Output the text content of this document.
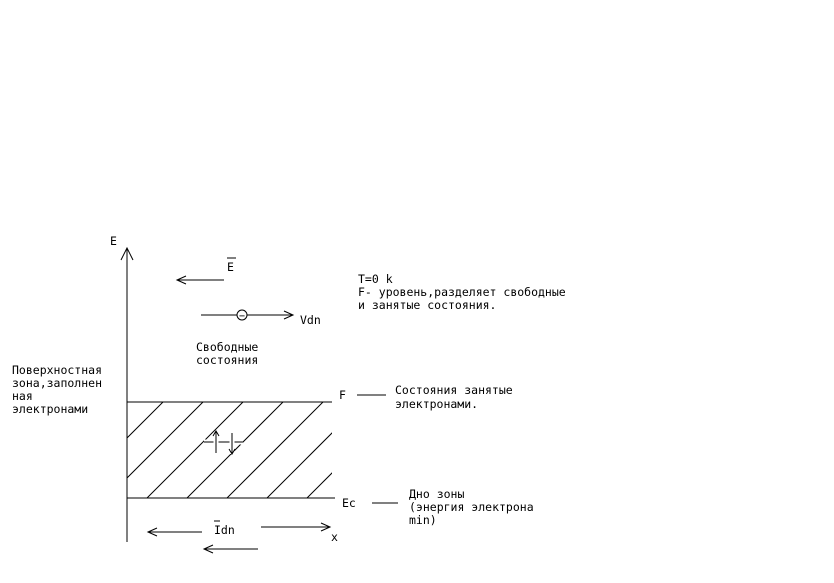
E
F	Состояния занятые
электронами.
Ec
Дно зоны
(энергия электрона
min)
E
−	Vdn
T=0 k
F- уровень,разделяет свободные
и занятые состояния.
Свободные
состояния
Поверхностная
зона,заполнен
ная
электронами
x
Idn
